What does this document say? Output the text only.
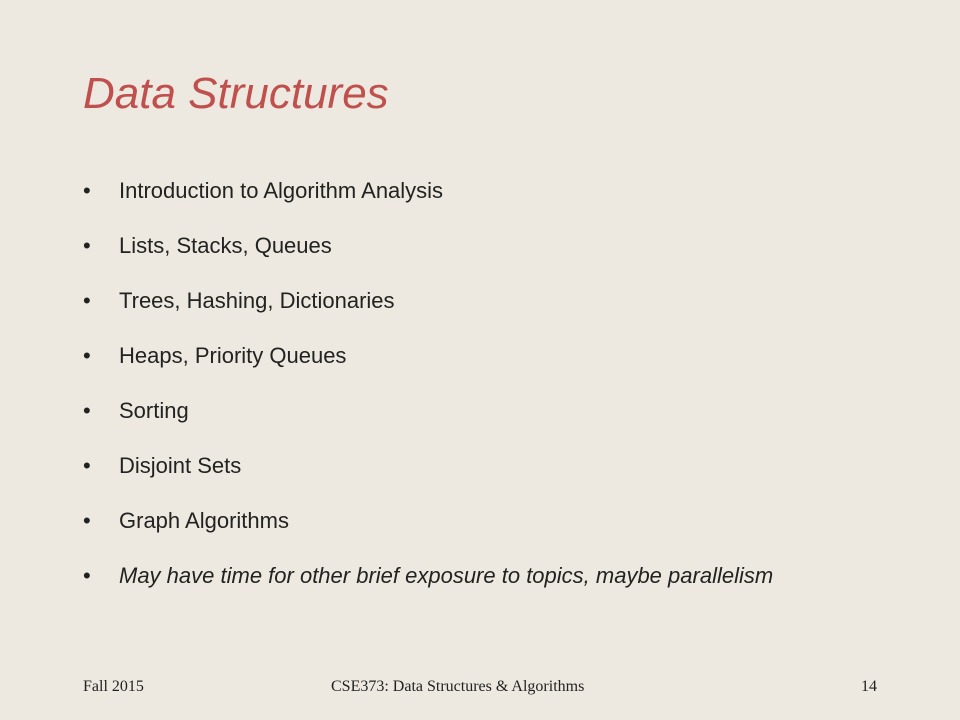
Data Structures
•	Introduction to Algorithm Analysis
•	Lists, Stacks, Queues
•	Trees, Hashing, Dictionaries
•	Heaps, Priority Queues
•	Sorting
•	Disjoint Sets
•	Graph Algorithms
•	May have time for other brief exposure to topics, maybe parallelism
Fall 2015	CSE373: Data Structures & Algorithms	14
